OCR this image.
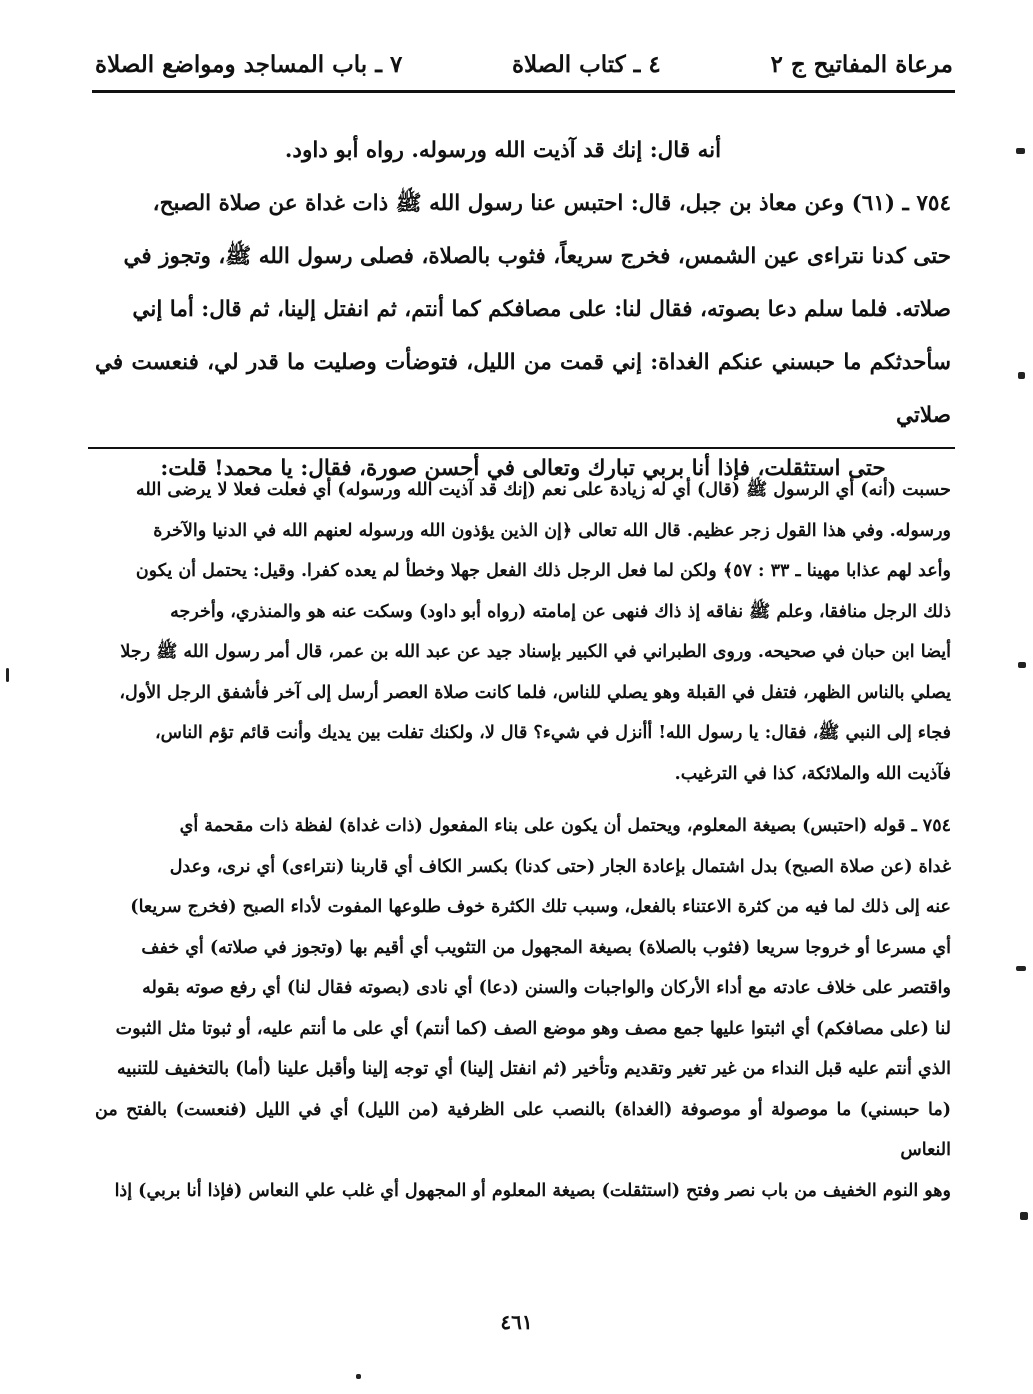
مرعاة المفاتيح ج ٢
٤ ـ كتاب الصلاة
٧ ـ باب المساجد ومواضع الصلاة

أنه قال: إنك قد آذيت الله ورسوله. رواه أبو داود.

٧٥٤ ـ (٦١) وعن معاذ بن جبل، قال: احتبس عنا رسول الله ﷺ ذات غداة عن صلاة الصبح،

حتى كدنا نتراءى عين الشمس، فخرج سريعاً، فثوب بالصلاة، فصلى رسول الله ﷺ، وتجوز في

صلاته. فلما سلم دعا بصوته، فقال لنا: على مصافكم كما أنتم، ثم انفتل إلينا، ثم قال: أما إني

سأحدثكم ما حبسني عنكم الغداة: إني قمت من الليل، فتوضأت وصليت ما قدر لي، فنعست في صلاتي

حتى استثقلت، فإذا أنا بربي تبارك وتعالى في أحسن صورة، فقال: يا محمد! قلت:

حسبت (أنه) أي الرسول ﷺ (قال) أي له زيادة على نعم (إنك قد آذيت الله ورسوله) أي فعلت فعلا لا يرضى الله

ورسوله. وفي هذا القول زجر عظيم. قال الله تعالى ﴿إن الذين يؤذون الله ورسوله لعنهم الله في الدنيا والآخرة

وأعد لهم عذابا مهينا ـ ٣٣ : ٥٧﴾ ولكن لما فعل الرجل ذلك الفعل جهلا وخطأ لم يعده كفرا. وقيل: يحتمل أن يكون

ذلك الرجل منافقا، وعلم ﷺ نفاقه إذ ذاك فنهى عن إمامته (رواه أبو داود) وسكت عنه هو والمنذري، وأخرجه

أيضا ابن حبان في صحيحه. وروى الطبراني في الكبير بإسناد جيد عن عبد الله بن عمر، قال أمر رسول الله ﷺ رجلا

يصلي بالناس الظهر، فتفل في القبلة وهو يصلي للناس، فلما كانت صلاة العصر أرسل إلى آخر فأشفق الرجل الأول،

فجاء إلى النبي ﷺ، فقال: يا رسول الله! أأنزل في شيء؟ قال لا، ولكنك تفلت بين يديك وأنت قائم تؤم الناس،

فآذيت الله والملائكة، كذا في الترغيب.

٧٥٤ ـ قوله (احتبس) بصيغة المعلوم، ويحتمل أن يكون على بناء المفعول (ذات غداة) لفظة ذات مقحمة أي

غداة (عن صلاة الصبح) بدل اشتمال بإعادة الجار (حتى كدنا) بكسر الكاف أي قاربنا (نتراءى) أي نرى، وعدل

عنه إلى ذلك لما فيه من كثرة الاعتناء بالفعل، وسبب تلك الكثرة خوف طلوعها المفوت لأداء الصبح (فخرج سريعا)

أي مسرعا أو خروجا سريعا (فثوب بالصلاة) بصيغة المجهول من التثويب أي أقيم بها (وتجوز في صلاته) أي خفف

واقتصر على خلاف عادته مع أداء الأركان والواجبات والسنن (دعا) أي نادى (بصوته فقال لنا) أي رفع صوته بقوله

لنا (على مصافكم) أي اثبتوا عليها جمع مصف وهو موضع الصف (كما أنتم) أي على ما أنتم عليه، أو ثبوتا مثل الثبوت

الذي أنتم عليه قبل النداء من غير تغير وتقديم وتأخير (ثم انفتل إلينا) أي توجه إلينا وأقبل علينا (أما) بالتخفيف للتنبيه

(ما حبسني) ما موصولة أو موصوفة (الغداة) بالنصب على الظرفية (من الليل) أي في الليل (فنعست) بالفتح من النعاس

وهو النوم الخفيف من باب نصر وفتح (استثقلت) بصيغة المعلوم أو المجهول أي غلب علي النعاس (فإذا أنا بربي) إذا

٤٦١
